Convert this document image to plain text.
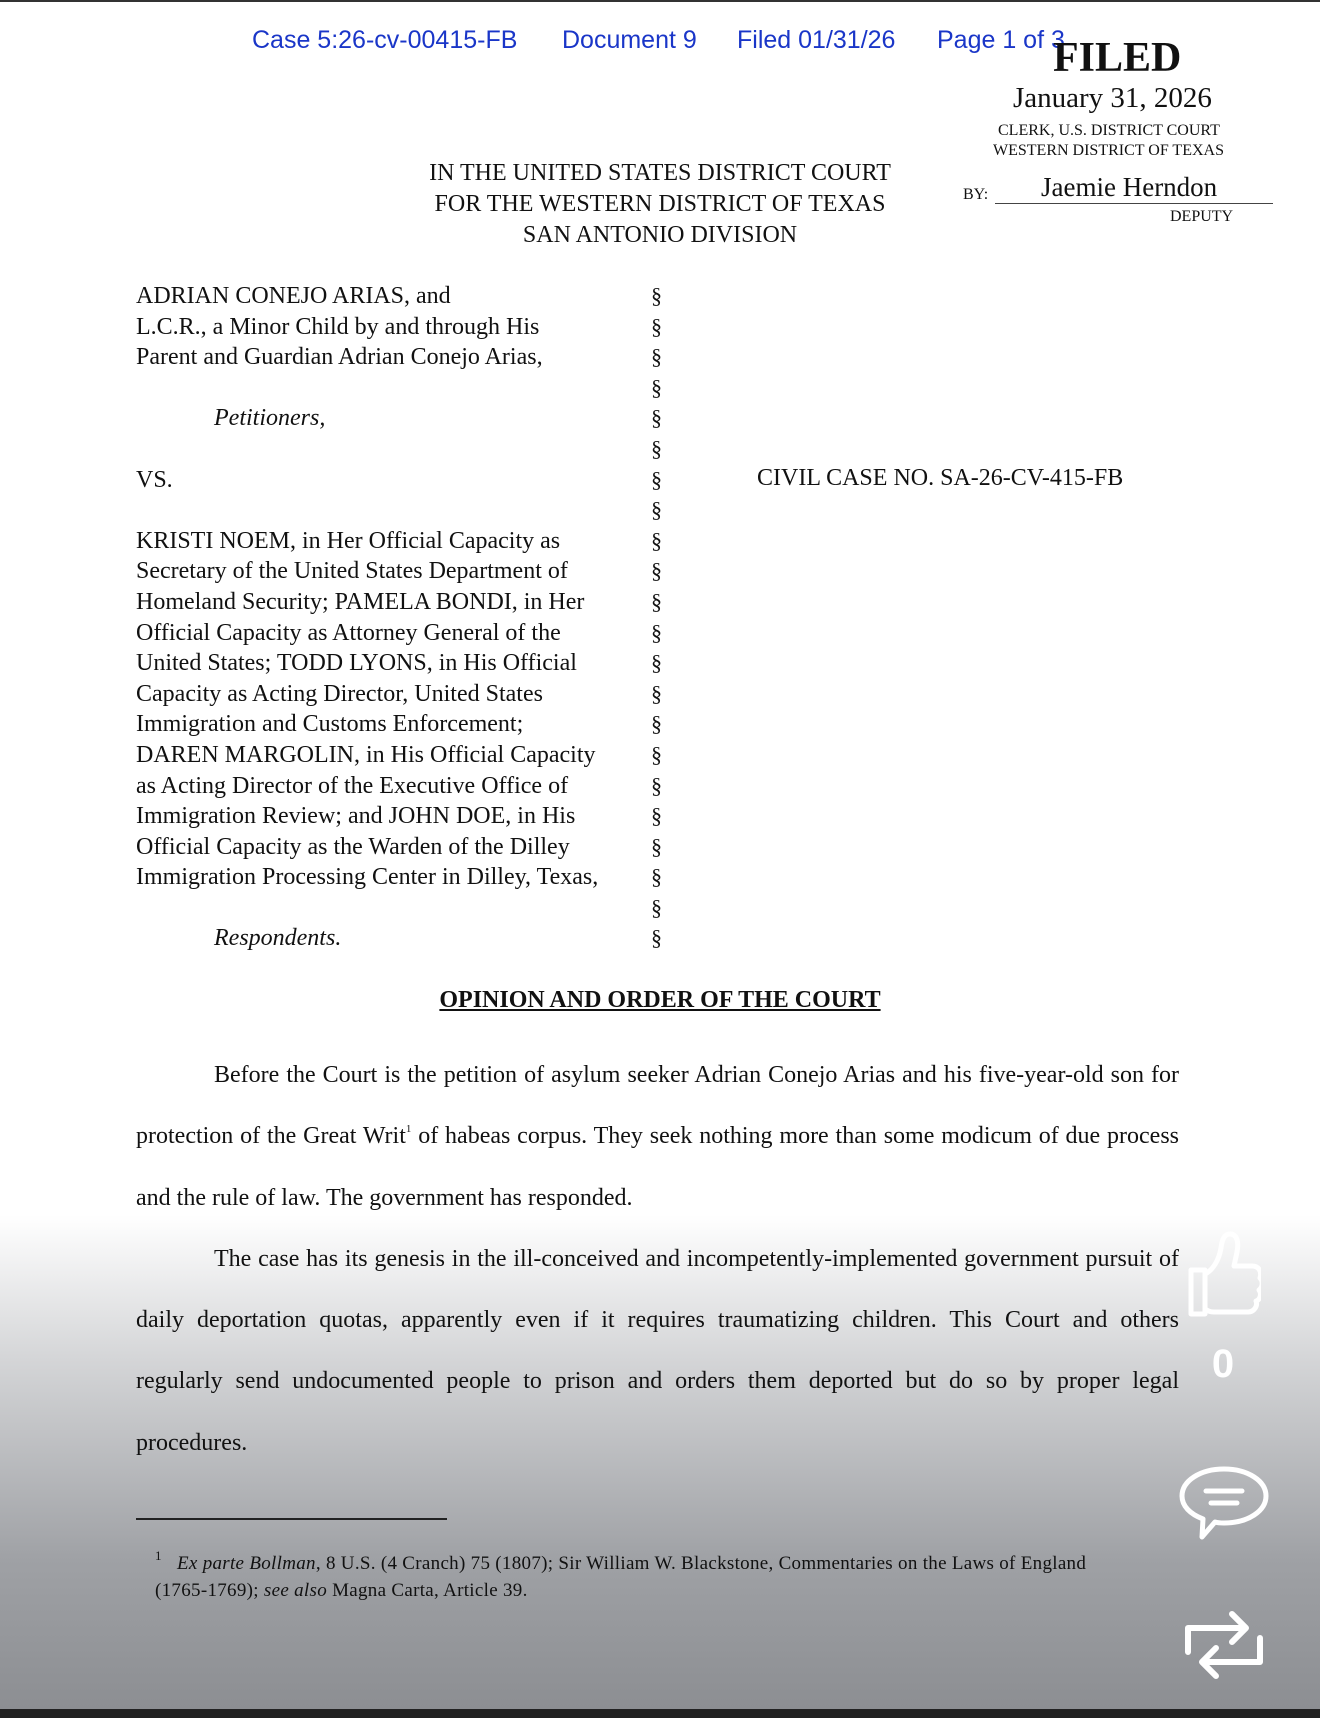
Case 5:26-cv-00415-FB Document 9 Filed 01/31/26 Page 1 of 3
FILED
January 31, 2026
CLERK, U.S. DISTRICT COURT
WESTERN DISTRICT OF TEXAS
BY: Jaemie Herndon
DEPUTY
IN THE UNITED STATES DISTRICT COURT
FOR THE WESTERN DISTRICT OF TEXAS
SAN ANTONIO DIVISION
ADRIAN CONEJO ARIAS, and
L.C.R., a Minor Child by and through His
Parent and Guardian Adrian Conejo Arias,
Petitioners,
VS.
KRISTI NOEM, in Her Official Capacity as
Secretary of the United States Department of
Homeland Security; PAMELA BONDI, in Her
Official Capacity as Attorney General of the
United States; TODD LYONS, in His Official
Capacity as Acting Director, United States
Immigration and Customs Enforcement;
DAREN MARGOLIN, in His Official Capacity
as Acting Director of the Executive Office of
Immigration Review; and JOHN DOE, in His
Official Capacity as the Warden of the Dilley
Immigration Processing Center in Dilley, Texas,
Respondents.
§
§
§
§
§
§
§
§
§
§
§
§
§
§
§
§
§
§
§
§
§
§
CIVIL CASE NO. SA-26-CV-415-FB
OPINION AND ORDER OF THE COURT

Before the Court is the petition of asylum seeker Adrian Conejo Arias and his five-year-old son for protection of the Great Writ$^1$ of habeas corpus. They seek nothing more than some modicum of due process and the rule of law. The government has responded.

The case has its genesis in the ill-conceived and incompetently-implemented government pursuit of daily deportation quotas, apparently even if it requires traumatizing children. This Court and others regularly send undocumented people to prison and orders them deported but do so by proper legal procedures.

1 Ex parte Bollman, 8 U.S. (4 Cranch) 75 (1807); Sir William W. Blackstone, Commentaries on the Laws of England (1765-1769); see also Magna Carta, Article 39.

0
